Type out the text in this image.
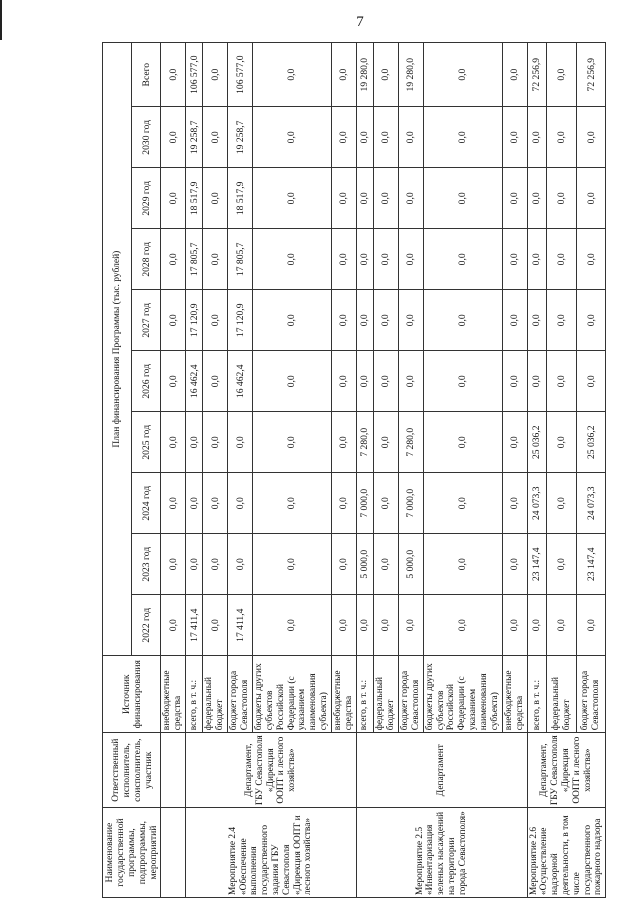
7
Наименование государственной программы, подпрограммы, мероприятий	Ответственный исполнитель, соисполнитель, участник	Источник финансирования	План финансирования Программы (тыс. рублей)									
			2022 год	2023 год	2024 год	2025 год	2026 год	2027 год	2028 год	2029 год	2030 год	Всего
		внебюджетные средства	0,0	0,0	0,0	0,0	0,0	0,0	0,0	0,0	0,0	0,0
Мероприятие 2.4 «Обеспечение выполнения государственного задания ГБУ Севастополя «Дирекция ООПТ и лесного хозяйства»	Департамент, ГБУ Севастополя «Дирекция ООПТ и лесного хозяйства»	всего, в т. ч.:	17 411,4	0,0	0,0	0,0	16 462,4	17 120,9	17 805,7	18 517,9	19 258,7	106 577,0
		федеральный бюджет	0,0	0,0	0,0	0,0	0,0	0,0	0,0	0,0	0,0	0,0
		бюджет города Севастополя	17 411,4	0,0	0,0	0,0	16 462,4	17 120,9	17 805,7	18 517,9	19 258,7	106 577,0
		бюджеты других субъектов Российской Федерации (с указанием наименования субъекта)	0,0	0,0	0,0	0,0	0,0	0,0	0,0	0,0	0,0	0,0
		внебюджетные средства	0,0	0,0	0,0	0,0	0,0	0,0	0,0	0,0	0,0	0,0
Мероприятие 2.5 «Инвентаризация зеленых насаждений на территории города Севастополя»	Департамент	всего, в т. ч.:	0,0	5 000,0	7 000,0	7 280,0	0,0	0,0	0,0	0,0	0,0	19 280,0
		федеральный бюджет	0,0	0,0	0,0	0,0	0,0	0,0	0,0	0,0	0,0	0,0
		бюджет города Севастополя	0,0	5 000,0	7 000,0	7 280,0	0,0	0,0	0,0	0,0	0,0	19 280,0
		бюджеты других субъектов Российской Федерации (с указанием наименования субъекта)	0,0	0,0	0,0	0,0	0,0	0,0	0,0	0,0	0,0	0,0
		внебюджетные средства	0,0	0,0	0,0	0,0	0,0	0,0	0,0	0,0	0,0	0,0
Мероприятие 2.6 «Осуществление надзорной деятельности, в том числе государственного пожарного надзора	Департамент, ГБУ Севастополя «Дирекция ООПТ и лесного хозяйства»	всего, в т. ч.:	0,0	23 147,4	24 073,3	25 036,2	0,0	0,0	0,0	0,0	0,0	72 256,9
		федеральный бюджет	0,0	0,0	0,0	0,0	0,0	0,0	0,0	0,0	0,0	0,0
		бюджет города Севастополя	0,0	23 147,4	24 073,3	25 036,2	0,0	0,0	0,0	0,0	0,0	72 256,9
